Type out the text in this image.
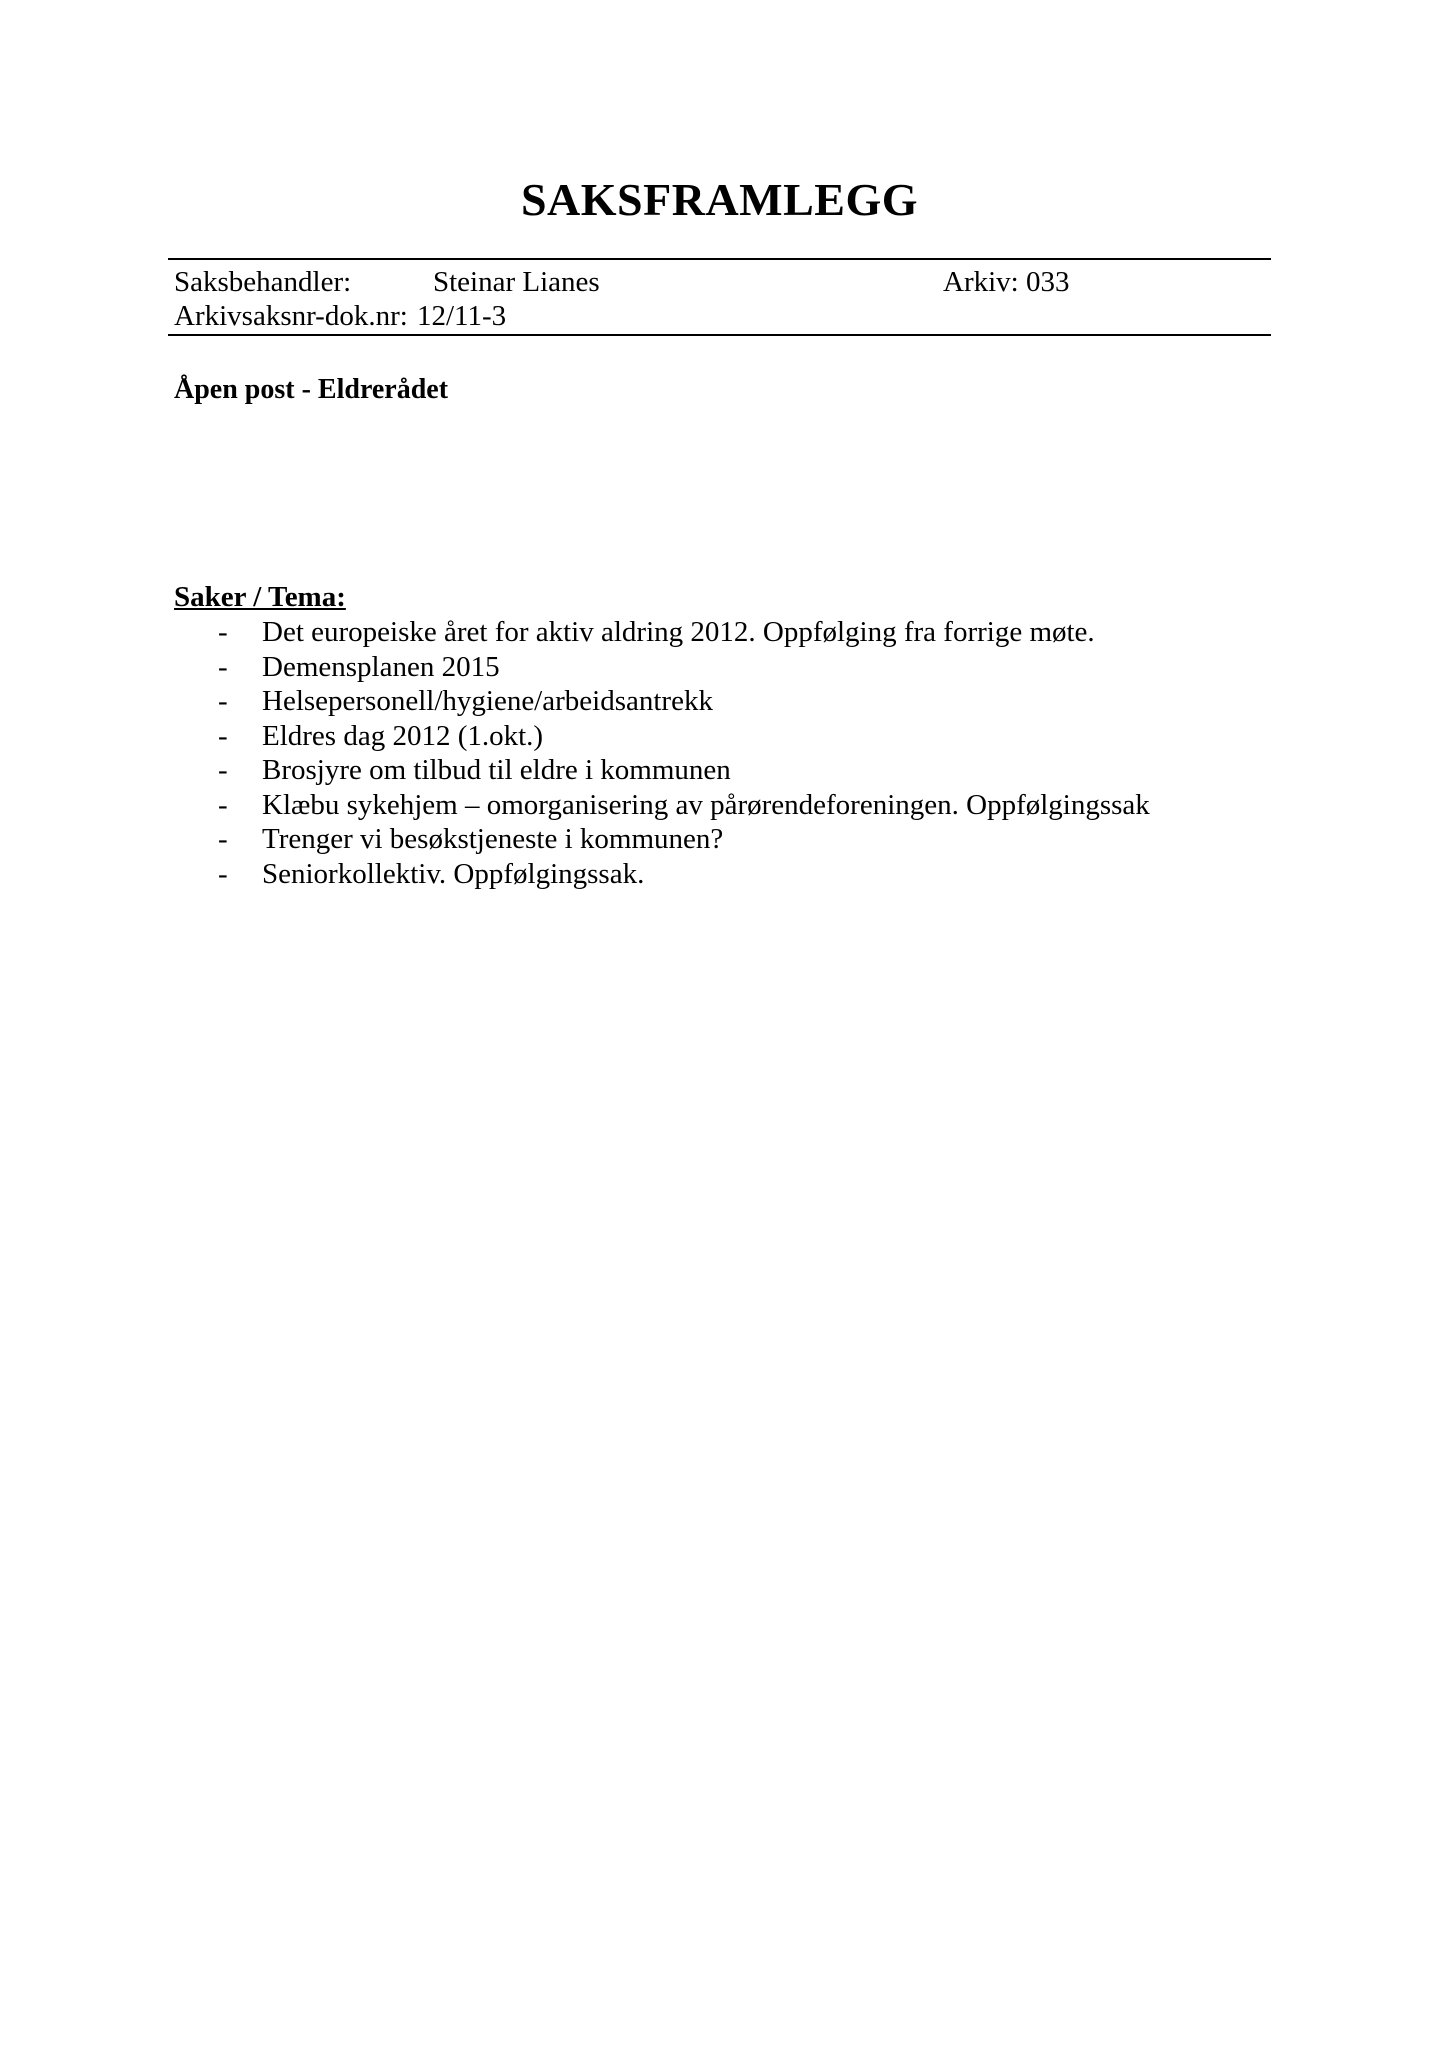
SAKSFRAMLEGG
Saksbehandler:	Steinar Lianes	Arkiv: 033
Arkivsaksnr-dok.nr: 12/11-3
Åpen post - Eldrerådet
Saker / Tema:
- Det europeiske året for aktiv aldring 2012. Oppfølging fra forrige møte.
- Demensplanen 2015
- Helsepersonell/hygiene/arbeidsantrekk
- Eldres dag 2012 (1.okt.)
- Brosjyre om tilbud til eldre i kommunen
- Klæbu sykehjem – omorganisering av pårørendeforeningen. Oppfølgingssak
- Trenger vi besøkstjeneste i kommunen?
- Seniorkollektiv. Oppfølgingssak.
